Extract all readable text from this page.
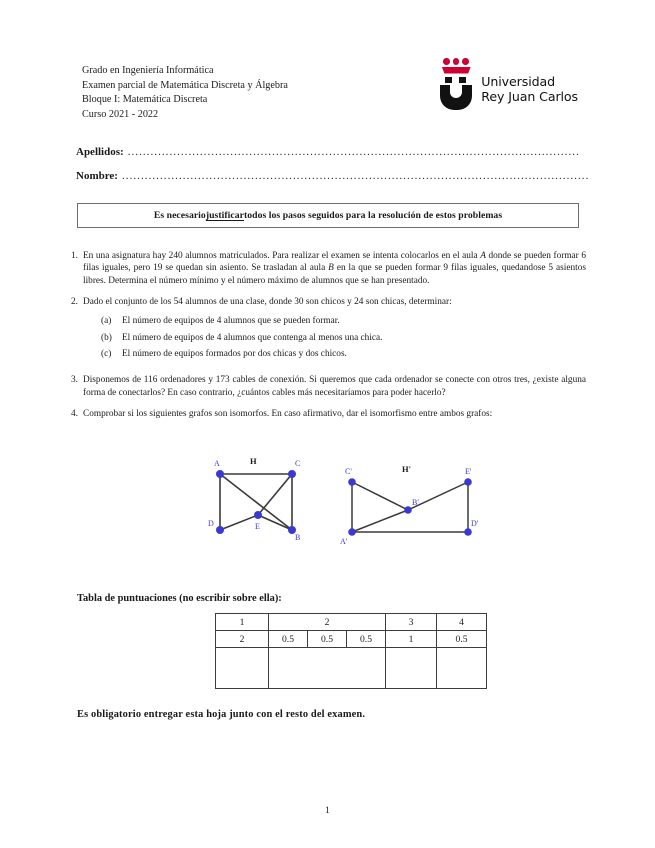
Grado en Ingeniería Informática
Examen parcial de Matemática Discreta y Álgebra
Bloque I: Matemática Discreta
Curso 2021 - 2022
Universidad
Rey Juan Carlos
Apellidos: .......................................................................................................................
Nombre: ...........................................................................................................................
Es necesario justificar todos los pasos seguidos para la resolución de estos problemas
1. En una asignatura hay 240 alumnos matriculados. Para realizar el examen se intenta colocarlos en el aula A donde se pueden formar 6 filas iguales, pero 19 se quedan sin asiento. Se trasladan al aula B en la que se pueden formar 9 filas iguales, quedandose 5 asientos libres. Determina el número mínimo y el número máximo de alumnos que se han presentado.
2. Dado el conjunto de los 54 alumnos de una clase, donde 30 son chicos y 24 son chicas, determinar:
(a)	El número de equipos de 4 alumnos que se pueden formar.
(b)	El número de equipos de 4 alumnos que contenga al menos una chica.
(c)	El número de equipos formados por dos chicas y dos chicos.
3. Disponemos de 116 ordenadores y 173 cables de conexión. Si queremos que cada ordenador se conecte con otros tres, ¿existe alguna forma de conectarlos? En caso contrario, ¿cuántos cables más necesitaríamos para poder hacerlo?
4. Comprobar si los siguientes grafos son isomorfos. En caso afirmativo, dar el isomorfismo entre ambos grafos:
A	C
D	E
B
H
C'	E'
B'
A'
D'
H'
Tabla de puntuaciones (no escribir sobre ella):
1	2			3	4
2	0.5	0.5	0.5	1	0.5

Es obligatorio entregar esta hoja junto con el resto del examen.
1
